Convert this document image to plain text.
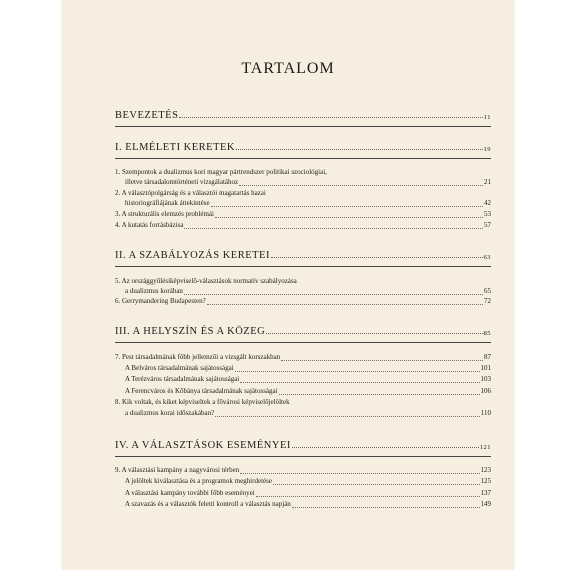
TARTALOM
BEVEZETÉS	11
I. ELMÉLETI KERETEK	19
1. Szempontok a dualizmus kori magyar pártrendszer politikai szociológiai,
illetve társadalomtörténeti vizsgálatához	21
2. A választópolgárság és a választói magatartás hazai
historiográfiájának áttekintése	42
3. A strukturális elemzés problémái	53
4. A kutatás forrásbázisa	57
II. A SZABÁLYOZÁS KERETEI	63
5. Az országgyűlésiképviselő-választások normatív szabályozása
a dualizmus korában	65
6. Gerrymandering Budapesten?	72
III. A HELYSZÍN ÉS A KÖZEG	85
7. Pest társadalmának főbb jellemzői a vizsgált korszakban	87
A Belváros társadalmának sajátosságai	101
A Terézváros társadalmának sajátosságai	103
A Ferencváros és Kőbánya társadalmának sajátosságai	106
8. Kik voltak, és kiket képviseltek a fővárosi képviselőjelöltek
a dualizmus korai időszakában?	110
IV. A VÁLASZTÁSOK ESEMÉNYEI	121
9. A választási kampány a nagyvárosi térben	123
A jelöltek kiválasztása és a programok meghirdetése	125
A választási kampány további főbb eseményei	137
A szavazás és a választók feletti kontroll a választás napján	149
